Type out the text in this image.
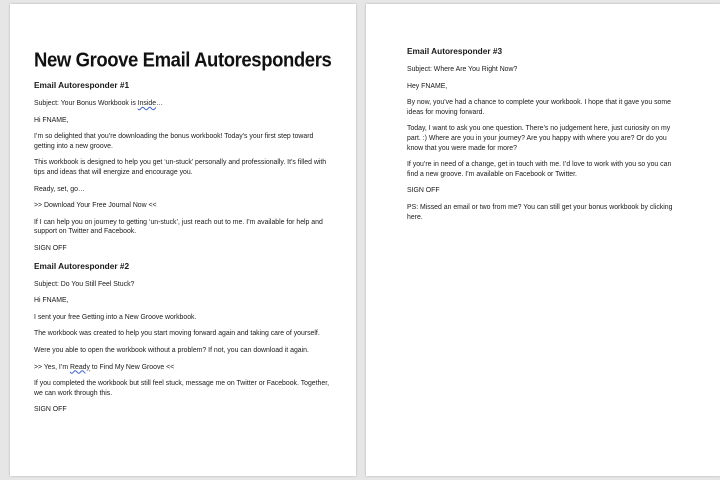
New Groove Email Autoresponders
Email Autoresponder #1

Subject: Your Bonus Workbook is Inside…

Hi FNAME,

I’m so delighted that you’re downloading the bonus workbook! Today’s your first step toward getting into a new groove.

This workbook is designed to help you get ‘un-stuck’ personally and professionally. It’s filled with tips and ideas that will energize and encourage you.

Ready, set, go…

>> Download Your Free Journal Now <<

If I can help you on journey to getting ‘un-stuck’, just reach out to me. I’m available for help and support on Twitter and Facebook.

SIGN OFF

Email Autoresponder #2

Subject: Do You Still Feel Stuck?

Hi FNAME,

I sent your free Getting into a New Groove workbook.

The workbook was created to help you start moving forward again and taking care of yourself.

Were you able to open the workbook without a problem? If not, you can download it again.

>> Yes, I’m Ready to Find My New Groove <<

If you completed the workbook but still feel stuck, message me on Twitter or Facebook. Together, we can work through this.

SIGN OFF

Email Autoresponder #3

Subject: Where Are You Right Now?

Hey FNAME,

By now, you’ve had a chance to complete your workbook. I hope that it gave you some ideas for moving forward.

Today, I want to ask you one question. There’s no judgement here, just curiosity on my part. :) Where are you in your journey? Are you happy with where you are? Or do you know that you were made for more?

If you’re in need of a change, get in touch with me. I’d love to work with you so you can find a new groove. I’m available on Facebook or Twitter.

SIGN OFF

PS: Missed an email or two from me? You can still get your bonus workbook by clicking here.
